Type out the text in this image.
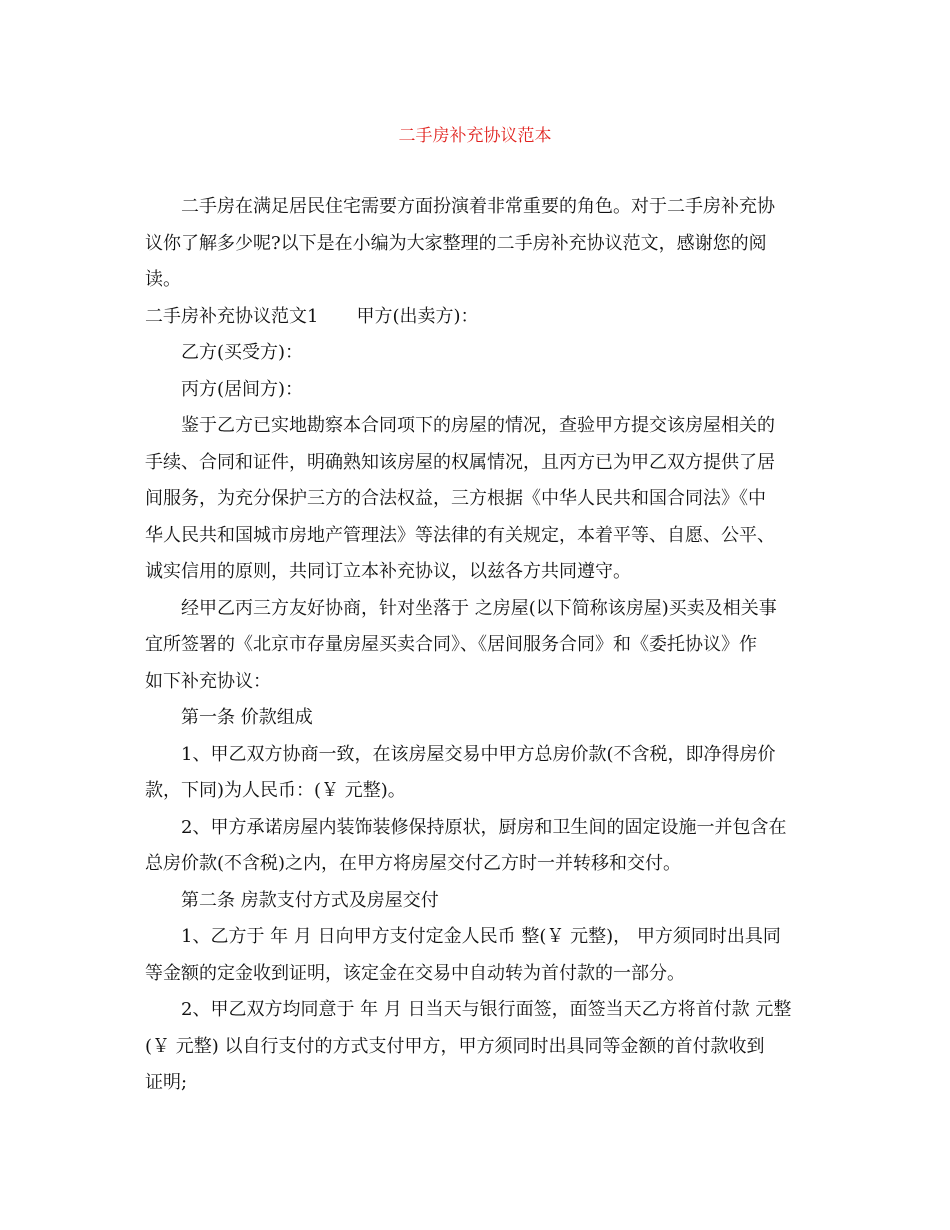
二手房补充协议范本

二手房在满足居民住宅需要方面扮演着非常重要的角色。对于二手房补充协
议你了解多少呢?以下是在小编为大家整理的二手房补充协议范文，感谢您的阅
读。

二手房补充协议范文1 甲方(出卖方)：

乙方(买受方)：

丙方(居间方)：

鉴于乙方已实地勘察本合同项下的房屋的情况，查验甲方提交该房屋相关的
手续、合同和证件，明确熟知该房屋的权属情况，且丙方已为甲乙双方提供了居
间服务，为充分保护三方的合法权益，三方根据《中华人民共和国合同法》《中
华人民共和国城市房地产管理法》等法律的有关规定，本着平等、自愿、公平、
诚实信用的原则，共同订立本补充协议，以兹各方共同遵守。

经甲乙丙三方友好协商，针对坐落于 之房屋(以下简称该房屋)买卖及相关事
宜所签署的《北京市存量房屋买卖合同》、《居间服务合同》和《委托协议》作
如下补充协议：

第一条 价款组成

1、甲乙双方协商一致，在该房屋交易中甲方总房价款(不含税，即净得房价
款，下同)为人民币：(￥ 元整)。

2、甲方承诺房屋内装饰装修保持原状，厨房和卫生间的固定设施一并包含在
总房价款(不含税)之内，在甲方将房屋交付乙方时一并转移和交付。

第二条 房款支付方式及房屋交付

1、乙方于 年 月 日向甲方支付定金人民币 整(￥ 元整)， 甲方须同时出具同
等金额的定金收到证明，该定金在交易中自动转为首付款的一部分。

2、甲乙双方均同意于 年 月 日当天与银行面签，面签当天乙方将首付款 元整
(￥ 元整) 以自行支付的方式支付甲方，甲方须同时出具同等金额的首付款收到
证明;
